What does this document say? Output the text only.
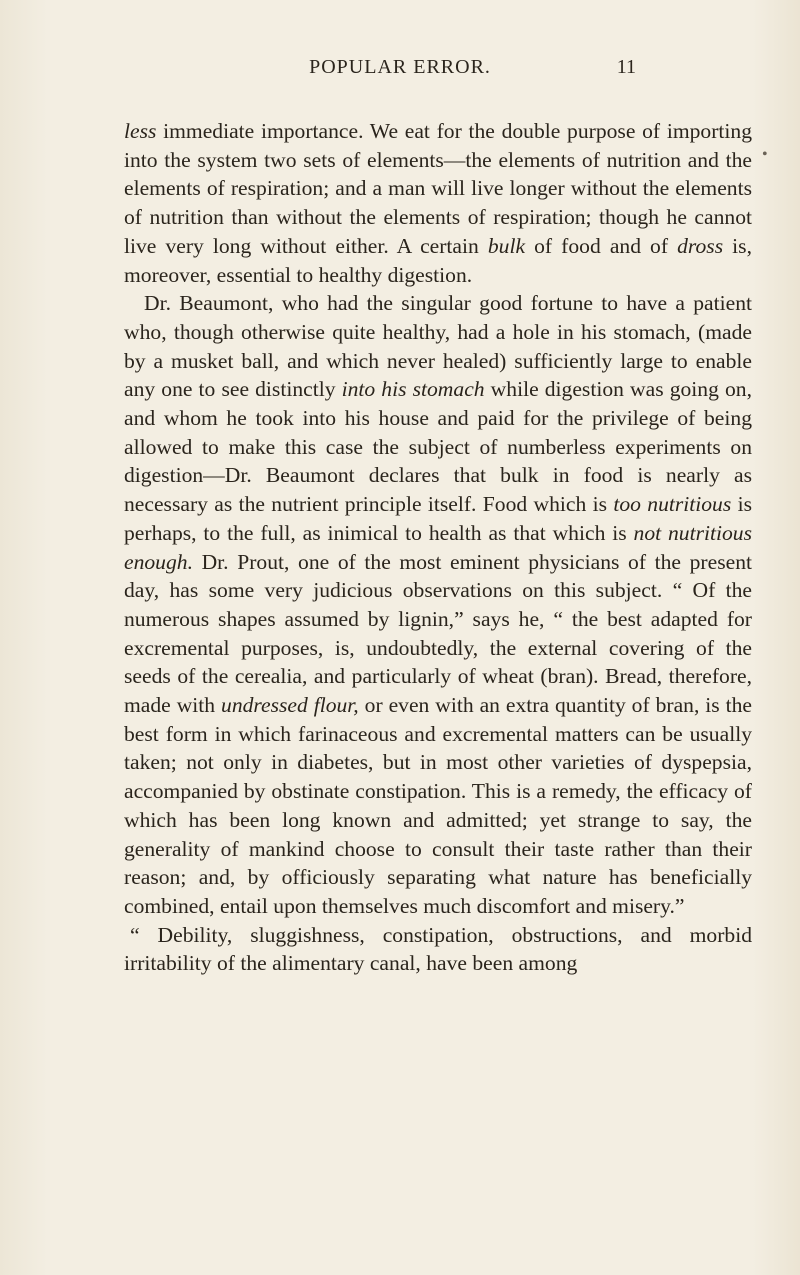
POPULAR ERROR.	11
•

less immediate importance. We eat for the double purpose of importing into the system two sets of elements—the elements of nutrition and the elements of respiration; and a man will live longer without the elements of nutrition than without the elements of respiration; though he cannot live very long without either. A certain bulk of food and of dross is, moreover, essential to healthy digestion.

Dr. Beaumont, who had the singular good fortune to have a patient who, though otherwise quite healthy, had a hole in his stomach, (made by a musket ball, and which never healed) sufficiently large to enable any one to see distinctly into his stomach while digestion was going on, and whom he took into his house and paid for the privilege of being allowed to make this case the subject of numberless experiments on digestion—Dr. Beaumont declares that bulk in food is nearly as necessary as the nutrient principle itself. Food which is too nutritious is perhaps, to the full, as inimical to health as that which is not nutritious enough. Dr. Prout, one of the most eminent physicians of the present day, has some very judicious observations on this subject. “ Of the numerous shapes assumed by lignin,” says he, “ the best adapted for excremental purposes, is, undoubtedly, the external covering of the seeds of the cerealia, and particularly of wheat (bran). Bread, therefore, made with undressed flour, or even with an extra quantity of bran, is the best form in which farinaceous and excremental matters can be usually taken; not only in diabetes, but in most other varieties of dyspepsia, accompanied by obstinate constipation. This is a remedy, the efficacy of which has been long known and admitted; yet strange to say, the generality of mankind choose to consult their taste rather than their reason; and, by officiously separating what nature has beneficially combined, entail upon themselves much discomfort and misery.”

“ Debility, sluggishness, constipation, obstructions, and morbid irritability of the alimentary canal, have been among
